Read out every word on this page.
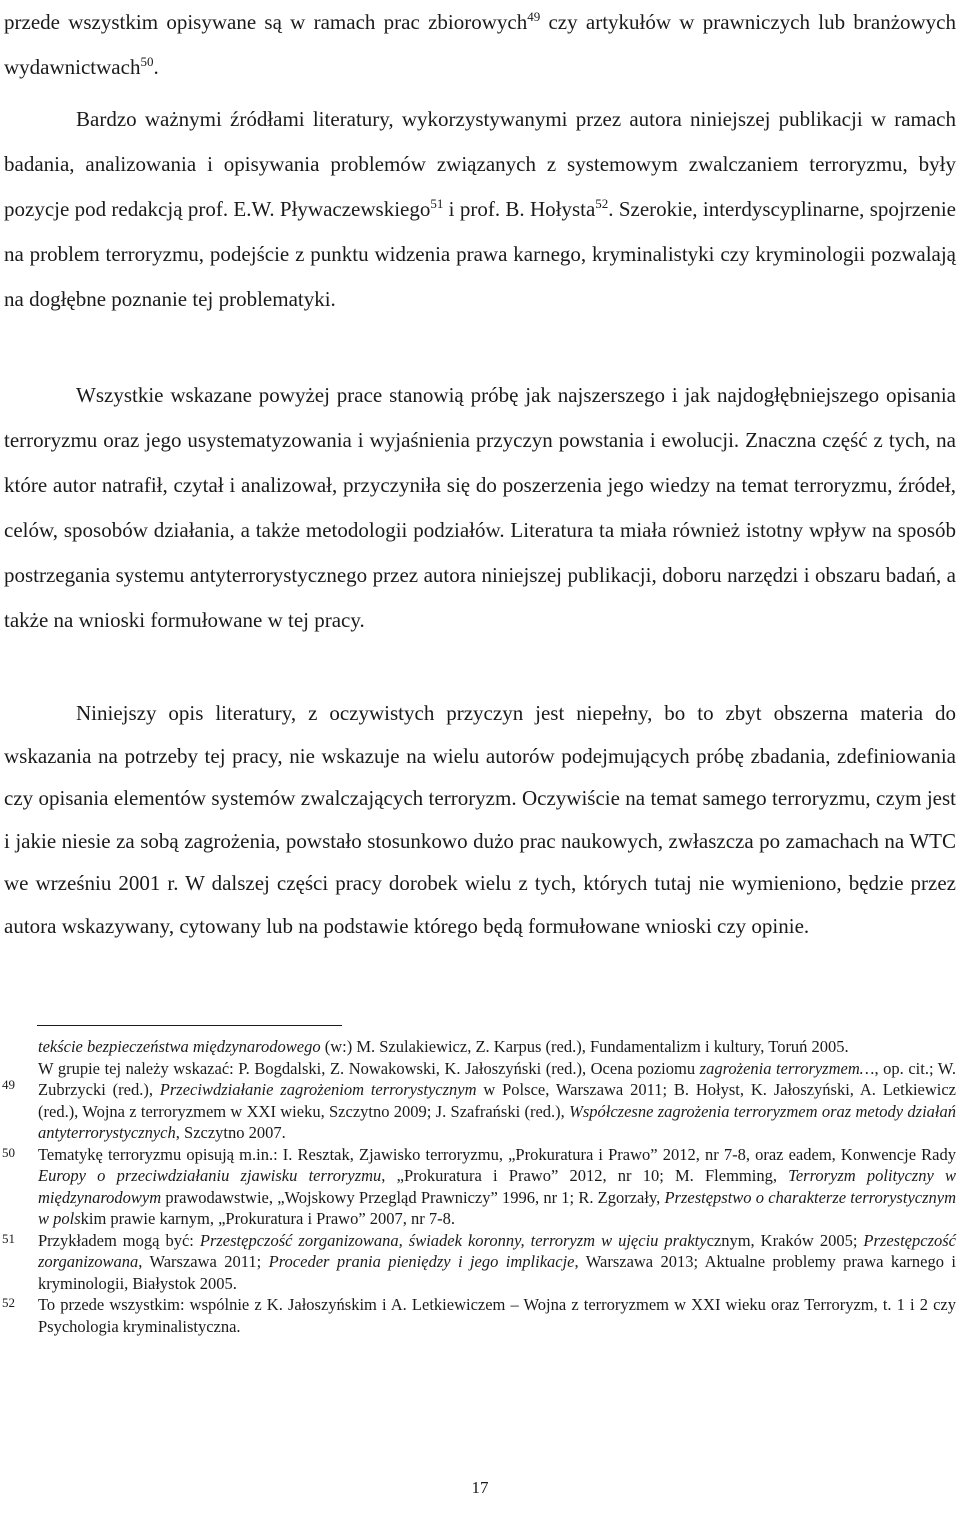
przede wszystkim opisywane są w ramach prac zbiorowych$^{49}$ czy artykułów w prawniczych lub branżowych wydawnictwach$^{50}$.

Bardzo ważnymi źródłami literatury, wykorzystywanymi przez autora niniejszej publikacji w ramach badania, analizowania i opisywania problemów związanych z systemowym zwalczaniem terroryzmu, były pozycje pod redakcją prof. E.W. Pływaczewskiego$^{51}$ i prof. B. Hołysta$^{52}$. Szerokie, interdyscyplinarne, spojrzenie na problem terroryzmu, podejście z punktu widzenia prawa karnego, kryminalistyki czy kryminologii pozwalają na dogłębne poznanie tej problematyki.

Wszystkie wskazane powyżej prace stanowią próbę jak najszerszego i jak najdogłębniejszego opisania terroryzmu oraz jego usystematyzowania i wyjaśnienia przyczyn powstania i ewolucji. Znaczna część z tych, na które autor natrafił, czytał i analizował, przyczyniła się do poszerzenia jego wiedzy na temat terroryzmu, źródeł, celów, sposobów działania, a także metodologii podziałów. Literatura ta miała również istotny wpływ na sposób postrzegania systemu antyterrorystycznego przez autora niniejszej publikacji, doboru narzędzi i obszaru badań, a także na wnioski formułowane w tej pracy.

Niniejszy opis literatury, z oczywistych przyczyn jest niepełny, bo to zbyt obszerna materia do wskazania na potrzeby tej pracy, nie wskazuje na wielu autorów podejmujących próbę zbadania, zdefiniowania czy opisania elementów systemów zwalczających terroryzm. Oczywiście na temat samego terroryzmu, czym jest i jakie niesie za sobą zagrożenia, powstało stosunkowo dużo prac naukowych, zwłaszcza po zamachach na WTC we wrześniu 2001 r. W dalszej części pracy dorobek wielu z tych, których tutaj nie wymieniono, będzie przez autora wskazywany, cytowany lub na podstawie którego będą formułowane wnioski czy opinie.

tekście bezpieczeństwa międzynarodowego (w:) M. Szulakiewicz, Z. Karpus (red.), Fundamentalizm i kultury, Toruń 2005.

49

W grupie tej należy wskazać: P. Bogdalski, Z. Nowakowski, K. Jałoszyński (red.), Ocena poziomu zagrożenia terroryzmem…, op. cit.; W. Zubrzycki (red.), Przeciwdziałanie zagrożeniom terrorystycznym w Polsce, Warszawa 2011; B. Hołyst, K. Jałoszyński, A. Letkiewicz (red.), Wojna z terroryzmem w XXI wieku, Szczytno 2009; J. Szafrański (red.), Współczesne zagrożenia terroryzmem oraz metody działań antyterrorystycznych, Szczytno 2007.

50 Tematykę terroryzmu opisują m.in.: I. Resztak, Zjawisko terroryzmu, „Prokuratura i Prawo” 2012, nr 7-8, oraz eadem, Konwencje Rady Europy o przeciwdziałaniu zjawisku terroryzmu, „Prokuratura i Prawo” 2012, nr 10; M. Flemming, Terroryzm polityczny w międzynarodowym prawodawstwie, „Wojskowy Przegląd Prawniczy” 1996, nr 1; R. Zgorzały, Przestępstwo o charakterze terrorystycznym w polskim prawie karnym, „Prokuratura i Prawo” 2007, nr 7-8.

51 Przykładem mogą być: Przestępczość zorganizowana, świadek koronny, terroryzm w ujęciu praktycznym, Kraków 2005; Przestępczość zorganizowana, Warszawa 2011; Proceder prania pieniędzy i jego implikacje, Warszawa 2013; Aktualne problemy prawa karnego i kryminologii, Białystok 2005.

52 To przede wszystkim: wspólnie z K. Jałoszyńskim i A. Letkiewiczem – Wojna z terroryzmem w XXI wieku oraz Terroryzm, t. 1 i 2 czy Psychologia kryminalistyczna.

17
